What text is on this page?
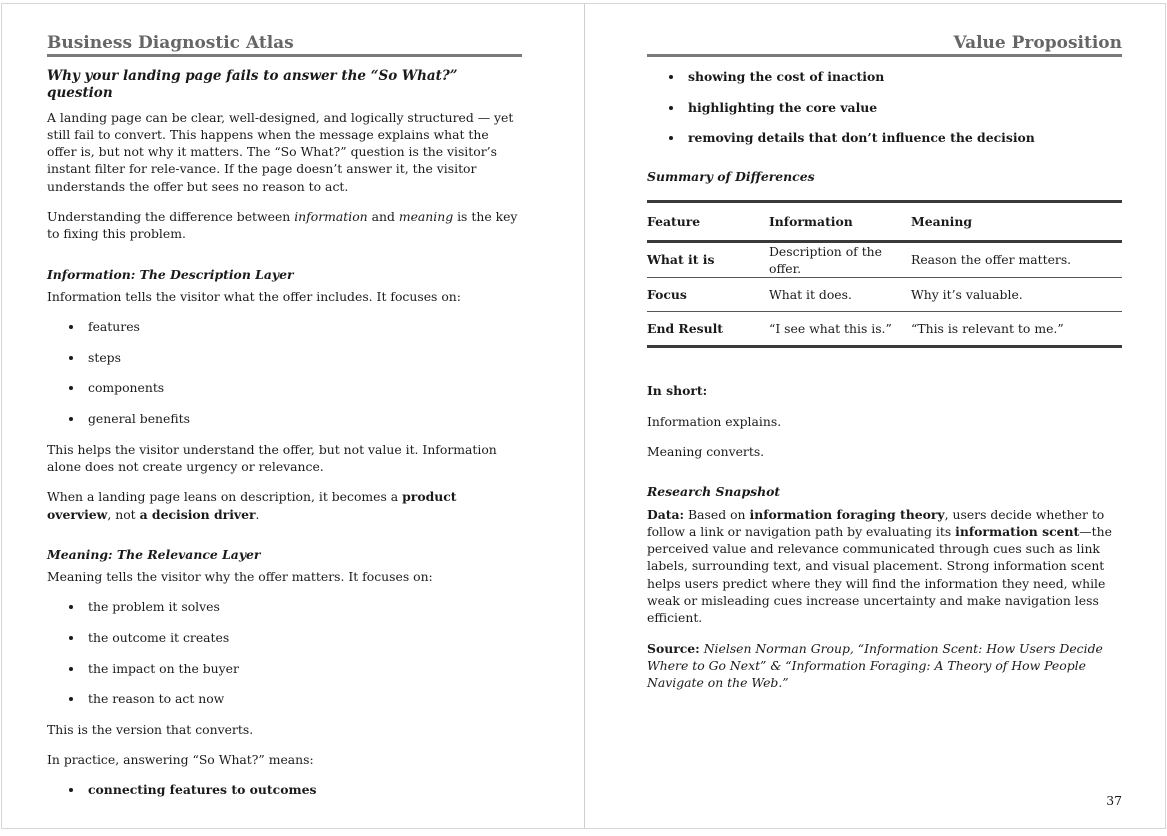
Business Diagnostic Atlas
Why your landing page fails to answer the “So What?” question

A landing page can be clear, well-designed, and logically structured — yet still fail to convert. This happens when the message explains what the offer is, but not why it matters. The “So What?” question is the visitor’s instant filter for rele-vance. If the page doesn’t answer it, the visitor understands the offer but sees no reason to act.

Understanding the difference between information and meaning is the key to fixing this problem.

Information: The Description Layer

Information tells the visitor what the offer includes. It focuses on:

features
steps
components
general benefits

This helps the visitor understand the offer, but not value it. Information alone does not create urgency or relevance.

When a landing page leans on description, it becomes a product overview, not a decision driver.

Meaning: The Relevance Layer

Meaning tells the visitor why the offer matters. It focuses on:

the problem it solves
the outcome it creates
the impact on the buyer
the reason to act now

This is the version that converts.

In practice, answering “So What?” means:

connecting features to outcomes
Value Proposition
showing the cost of inaction
highlighting the core value
removing details that don’t influence the decision
Summary of Differences
Feature	Information	Meaning
What it is	Description of the offer.	Reason the offer matters.
Focus	What it does.	Why it’s valuable.
End Result	“I see what this is.”	“This is relevant to me.”

In short:

Information explains.

Meaning converts.

Research Snapshot

Data: Based on information foraging theory, users decide whether to follow a link or navigation path by evaluating its information scent—the perceived value and relevance communicated through cues such as link labels, surrounding text, and visual placement. Strong information scent helps users predict where they will find the information they need, while weak or misleading cues increase uncertainty and make navigation less efficient.

Source: Nielsen Norman Group, “Information Scent: How Users Decide Where to Go Next” & “Information Foraging: A Theory of How People Navigate on the Web.”

37
